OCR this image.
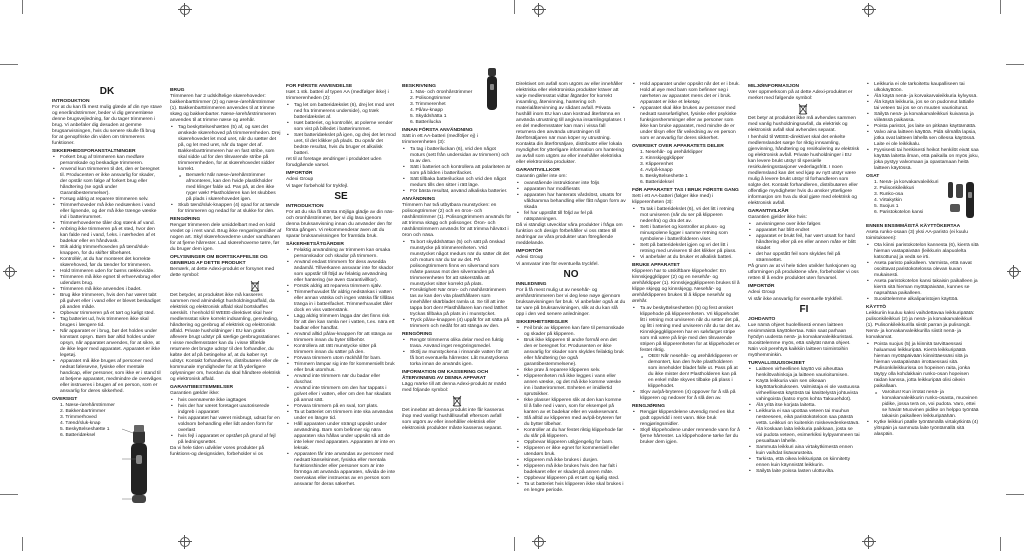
DK
INTRODUKTION
For at du kan få mest mulig glæde af din nye stave og eneråndstrimmer, beder vi dig gennemlæse denne brugsvejledning, før du tager trimmeren i brug. Vi anbefaler dig desuden at gemme brugsanvisningen, hvis du senere skulle få brug for at genopfriske din viden om trimmerens funktioner.
SIKKERHEDSFORANSTALTNINGER
• Forkert brug af trimmeren kan medføre personskade og beskadige trimmeren.
• Anvend kun trimmeren til det, den er beregnet til. Producenten er ikke ansvarlig for skader, der opstår som følge af forkert brug eller håndtering (se også under Garantibestemmelser).
• Forsøg aldrig at reparere trimmeren selv.
• Trimmerhoveder må ikke nedsænkes i vand eller lignende, og der må ikke trænge væske ind i batterirummet.
• Trimmerhovederne tåler dog stænk af vand.
• Anbring ikke trimmeren på et sted, hvor den kan falde ned i vand, f.eks. i nærheden af et badekar eller en håndvask.
• Stik aldrig trimmerhoveden på tænd/sluk-knappen, for du skifter tilbehøret.
• Kontrollér, at du har monteret det korrekte skærehoved, før du tænder for trimmeren.
• Hold trimmeren uden for børns rækkevidde.
• Trimmeren må ikke egnet til erhvervsbrug eller udendørs brug.
• Trimmeren må ikke anvendes i badet.
• Brug ikke trimmeren, hvis den har været tabt på gulvet eller i vand eller er blevet beskadiget på anden måde.
• Opbevar trimmeren på et tørt og køligt sted.
• Tag batteriet ud, hvis trimmeren ikke skal bruges i længere tid.
• Når apparatet er i brug, bør det holdes under konstant opsyn. Børn bør altid holdes under opsyn, når apparatet anvendes, for at sikre, at de ikke leger med apparatet. Apparatet er ikke legetøj.
• Apparatet må ikke bruges af personer med nedsat følesevne, fysiske eller mentale handicap, eller personer, som ikke er i stand til at betjene apparatet, medmindre de overvåges eller instrueres i brugen af en person, som er ansvarlig for deres sikkerhed.
OVERSIGT
1. Næse-/ørehårstrimmer
2. Bakkenbartrimmer
3. Trimmerhoved
4. Tænd/sluk-knap
5. Beskyttelseshætte 1
6. Batteridæksel
BRUG
Trimmeren har 2 udskiftelige skærehoveder: bakkenbarttrimmer (2) og næse-/ørehårstrimmer (1). Bakkenbarttrimmeren anvendes til at trimme skæg og bakkenbarter. Næse-/ørehårstrimmeren anvendes til at trimme næse og ørehår.
• Tag beskyttelseshætten (5) af, og sæt det ønskede skærehoved på trimmerenheden. Drej skærehovedet let mod uret, når du sætter det på, og let med uret, når du tager det af. Bakkenbarttrimmeren har en fast stribe, som skal sidde ud for den tilsvarende stribe på trimmerenheden, for at skærehovedet sidder korrekt.
o Bemærk! Når næse-/ørehårstrimmer afmonteres, kan den hvide plastikholder med klinger falde ud. Pas på, at den ikke ryger væk! Plastholderen kan let skubbes på plads i skærehovedet igen.
• Skub tænd/sluk-knappen (4) opad for at tænde for trimmeren og nedad for at slukke for den.
RENGØRING
Rengør trimmeren dele umiddelbart med en kold vredet op i rent vand. Brug ikke rengøringsmidler af nogen art. Skyl skærehovederne under vandhanen for at fjerne hårrester. Lad skærehoverne tørre, før du bruger dem igen.
OPLYSNINGER OM BORTSKAFFELSE OG GENBRUG AF DETTE PRODUKT
Bemærk, at dette Adexi-produkt er forsynet med dette symbol:
Det betyder, at produktet ikke må kasseres sammen med almindeligt husholdningsaffald, da elektrisk og elektronisk affald skal bortskaffes særskilt. I henhold til WEEE-direktivet skal hver medlemsstat sikre korrekt indsamling, genvinding, håndtering og genbrug af elektrisk og elektronisk affald. Private husholdninger i EU kan gratis aflevere brugt udstyr på særlige genbrugsstationer. I visse medlemsstater kan du i visse tilfælde returnere det brugte udstyr til den forhandler, du købte det af på betingelse af, at du køber nyt udstyr. Kontakt forhandleren, distributøren eller de kommunale myndigheder for at få yderligere oplysninger om, hvordan du skal håndtere elektrisk og elektronisk affald.
GARANTIBESTEMMELSER
Garantien gælder ikke:
• hvis ovennævnte ikke iagttages
• hvis der har været foretaget uautoriserede indgreb i apparatet
• hvis apparatet har været misbrugt, udsat for en voldsom behandling eller lidt anden form for overlast
• hvis fejl i apparatet er opstået på grund af fejl på ledningsnettet.
Da vi hele tiden udvikler vores produkter på funktions-og designsiden, forbeholder vi os
FOR FØRSTE ANVENDELSE
Isæt 1 stk. batteri af typen AA (medfølger ikke) i trimmerenheden (3):
• Tag let om batteridækslet (6), drej let mod uret ned fra trimmerens underside), og træk batteridækslet af.
• Isæt batteriet, og kontrollér, at polerne vender som vist på billedet i batterirummet.
• Sæt batteridækslet på igen, og drej det let mod uret, til det klikker på plads. Du opnår det bedste resultat, hvis du bruger et alkalisk batteri.
ret til at foretage ændringer i produktet uden forudgående varsel.
IMPORTØR
Adexi Group
Vi tager forbehold for trykfejl.
SE
INTRODUKTION
För att du ska få största möjliga glädje av din näs- och öronhårstrimmer, ber vi dig läsa igenom denna bruksanvisning innan du använder den för första gången. Vi rekommenderar även att du sparar bruksanvisningen för framtida bruk.
SÄKERHETSÅTGÄRDER
• Felaktig användning av trimmern kan orsaka personskador och skador på trimmern.
• Använd endast trimmern för dess avsedda ändamål. Tillverkaren ansvarar inte för skador som uppstår till följd av felaktig användning eller hantering (se även Garantivillkor).
• Försök aldrig att reparera trimmern själv.
• Trimmerhuvudet får aldrig nedsänkas i vatten eller annan vätska och ingen vätska får tillåtas tränga in i batterifacket. Trimmerhuvudet tåler dock en viss vattenstänk.
• Lägg aldrig trimmern lägga där det finns risk för att den kan ramla ner i vatten, t.ex. nära ett badkar eller handfat.
• Använd alltid på/av-knappen för att stänga av trimmern innan du byter tillbehör.
• Kontrollera att rätt munstycke sitter på trimmern innan du sätter på den.
• Förvara trimmern utom räckhåll för barn.
• Trimmern lämpar sig inte för kommersiellt bruk eller bruk utomhus.
• Använd inte trimmern när du badar eller duschar.
• Använd inte trimmern om den har tappats i golvet eller i vatten, eller om den har skadats på annat sätt.
• Förvara trimmern på en sval, torr plats.
• Ta ut batteriet om trimmern inte ska användas under en längre tid.
• Håll apparaten under strängt uppsikt under användning. Barn som befinner sig nära apparaten ska hållas under uppsikt så att de inte leker med apparaten. Apparaten är inte en leksak.
• Apparaten får inte användas av personer med nedsatt känselsinnet, fysiska eller mentala funktionshinder eller personer som är inte förmöga att använda apparaten, såvida de inte övervakas eller instrueras av en person som ansvarar för deras säkerhet.
BESKRIVNING
1. Näs- och öronhårstrimmer
2. Polisongtrimmer
3. Trimmerenhet
4. På/av-knapp
5. Skyddshätta 1
6. Batterilucka
INNAN FÖRSTA ANVÄNDNING
Sätt in ett AA-batteri (medföljer ej) i trimmerenheten (3):
• Ta tag i batteriluckan (6), vrid den något moturs (sett från undersidan av trimmern) och ta av den.
• Sätt i batteriet och kontrollera att polariteten är som på bilden i batterifacket.
• Sätt tillbaka batteriluckan och vrid den något medurs tills den sitter i rätt läge.
• För bästa resultat, använd alkaliska batterier.
ANVÄNDNING
Trimmern har två utbytbara munstycken: en polisongtrimmer (2) och en öron- och näshårstrimmer (1). Polisongtrimmern används för att trimma skägg och polisonger. Öron- och näshårstrimmern används för att trimma hårväxt i öron och näsa.
• Ta bort skyddshättan (5) och sätt på önskad munstycke på trimmerenheten. Vrid munstycket något medurs när du sätter dit det och moturs när du tar av det. På polisongtrimmern finns en silverrand som måste passas mot den silverranden på trimmerenheten för att säkerställa att munstycket sitter korrekt på plats.
• Försiktighet! När öron- och näshårstrimmern tas av kan den vita plasthållaren som innehåller skärbladet ramla ut. Se till att inte tappa bort den! Plasthållaren kan med lätthet tryckas tillbaka på plats in i munstycket.
• Tryck på/av-knappen (4) uppåt för att sätta på trimmern och nedåt för att stänga av den.
RENGÖRING
• Rengör trimmerns olika delar med en fuktig trasa. Använd inget rengöringsmedel.
• Skölj av munstyckena i rinnande vatten för att få bort eventuella hårrester. Låt munstyckena torka innan de används igen.
INFORMATION OM KASSERING OCH ÅTERVINNING AV DENNA APPARAT
Lägg märke till att denna Adexi-produkt är märkt med följande symbol:
Det innebär att denna produkt inte får kasseras ihop med vanligt hushållsavfall eftersom avfall som utgörs av eller innehåller elektrisk eller elektronisk produkter måste kasseras separat.
Direktivet om avfall som utgörs av eller innehåller elektriska eller elektroniska produkter kräver att varje medlemsstat vidtar åtgärder för korrekt insamling, återvinning, hantering och materialåtervinning av sådant avfall. Privata hushåll inom EU kan utan kostnad återlämna en använda utrustning till angivna insamlingsplatser. I en del medlemsstater kan man i vissa fall returnera den använda utrustningen till återförsäljaren när man köper ny utrustning. Kontakta din återförsäljare, distributör eller lokala myndighet för ytterligare information om hantering av avfall som utgörs av eller innehåller elektriska eller elektroniska produkter.
GARANTIVILLKOR
Garantin gäller inte om:
• ovanstående instruktioner inte följs
• apparaten har modifierats
• apparaten har hanterats vårdslöst, utsatts för våldsamma behandling eller fått någon form av skada
• fel har uppstått till följd av fel på nätspänningen.
Då vi ständigt utvecklar våra produkter i fråga om funktion och design förbehåller vi oss rätten till ändringar av våra produkter utan föregående meddelande.
IMPORTÖR
Adexi Group
Vi ansvarar inte för eventuella tryckfel.
NO
INNLEDNING
For å få mest mulig ut av nesehår- og ørehårstrimmeren ber vi deg lese nøye gjennom bruksanvisningen før bruk. Vi anbefaler også at du tar vare på bruksanvisningen, slik at du kan slå opp i den ved senere anledninger.
SIKKERHETSREGLER
• Feil bruk av klipperen kan føre til personskade og skader på klipperen.
• Bruk ikke klipperen til andre formål enn det den er beregnet for. Produsenten er ikke ansvarlig for skader som skyldes feilaktig bruk eller håndtering (se også garantibestemmelsene).
• Ikke prøv å reparere klipperen selv.
• Klipperenheten må ikke legges i vann eller annen væske, og det må ikke komme væske inn i batterirommet. Enheten er imidlertid sprutsikker.
• Ikke plasser klipperen slik at den kan komme til å falle ned i vann, som for eksempel på kanten av et badekar eller en vaskeservant.
• Slå alltid av klipperen med av/på-bryteren før du bytter tilbehør.
• Kontroller at du har festet riktig klippehode før du slår på klipperen.
• Oppbevar klipperen utilgjengelig for barn.
• Klipperen er ikke egnet for kommersiell eller utendørs bruk.
• Klipperen må ikke brukes i dusjen.
• Klipperen må ikke brukes hvis den har falt i badekaret eller er skadet på annen måte.
• Oppbevar klipperen på et tørt og kjølig sted.
• Ta ut batteriet hvis klipperen ikke skal brukes i en lengre periode.
• Hold apparatet under oppsikt når det er i bruk. Hold øl øye med barn som befinner seg i nærheten av apparatet mens det er i bruk. Apparatet er ikke et leketøy.
• Apparatet skal ikke brukes av personer med nedsatt sanseførlighet, fysiske eller psykiske funksjonshemminger eller av personer som ikke kan bruke apparatet, med mindre de er under tilsyn eller får veiledning av en person som er ansvarlig for deres sikkerhet.
OVERSIKT OVER APPARATETS DELER
1. Nesehår- og ørehårklipper
2. Kinnskjeggklipper
3. Klipperenhet
4. Av/på-knapp
5. Beskyttelseshette 1
6. Batterideksel
FØR APPARATET TAS I BRUK FØRSTE GANG
Sett i ett AA-batteri (følger ikke med) i klipperenheten (3):
• Ta tak i batteridekslet (6), vri det litt i retning mot urviseren (når du ser på klipperen nedenfra) og dra det av.
• Sett i batteriet og kontroller at pluss- og minuspolene ligger i samme retning som symbolene i batterifolderen viser.
• Sett på batteridekslet igjen og vri det litt i retning med urviseren til det klikker på plass.
• Vi anbefaler at du bruker et alkalisk batteri.
BRUKE APPARATET
Klipperen har to utskiftbare klippehoder: En kinnskjeggklipper (2) og en nesehår- og ørehårklipper (1). Kinnskjeggklipperen brukes til å klippe skjegg og kinnskjegg. Nesehår- og ørehårklipperen brukes til å klippe nesehår og ørehår.
• Ta av beskyttelseshetten (5) og fest ønsket klippehode på klipperenheten. Vri klippehodet litt i retning mot urviseren når du setter det på, og litt i retning med urviseren når du tar det av. Kinnskjeggklipperen har en sølvfarget stripe som må være på linje med den tilsvarende stripen på klipperenheten for at klippehodet er festet riktig.
o OBS! Når nesehår- og ørehårklipperen er demontert, kan den hvite plastholderen som inneholder bladet falle ut. Pass på at du ikke mister den! Plastholderen kan på en enkel måte skyves tilbake på plass i klippehodet.
• Skyv av/på-bryteren (4) oppover for å slå på klipperen og nedover for å slå den av.
RENGJØRING
• Rengjør klipperdelene utvendig med en klut godt oppvridd i rent vann. Ikke bruk rengjøringsmidler.
• Skyll klippehodene under rennende vann for å fjerne hårrester. La klippehodene tørke før du bruker dem igjen.
MILJØINFORMASJON
Vær oppmerksom på at dette Adexi-produktet er merket med følgende symbol:
Det betyr at produktet ikke må avhendes sammen med vanlig husholdningsavfall, da elektrisk og elektronisk avfall skal avhendes separat.
I henhold til WEEE-direktivet skal det enkelte medlemslandet sørge for riktig innsamling, gjenvinning, håndtering og resirkulering av elektrisk og elektronisk avfall. Private husholdninger i EU kan levere brukt utstyr til spesielle resirkuleringsstasjoner vederlagsfritt. I noen medlemsland kan det ved kjøp av nytt utstyr være mulig å levere brukt utstyr til forhandleren som solgte det. Kontakt forhandleren, distributøren eller offentlige myndigheter hvis du ønsker ytterligere informasjon om hva du skal gjøre med elektrisk og elektronisk avfall.
GARANTIVILKÅR
Garantien gjelder ikke hvis:
• anvisningene over ikke følges
• apparatet har blitt endret
• apparatet er brukt feil, har vært utsatt for hard håndtering eller på en eller annen måte er blitt skadet
• det har oppstått feil som skyldes feil på strømnettet.
På grunn av at vi hele tiden utvikler funksjonen og utformingen på produktene våre, forbeholder vi oss retten til å endre produktet uten forvarsel.
IMPORTØR
Adexi Group
Vi står ikke ansvarlig for eventuelle trykkfeil.
FI
JOHDANTO
Lue nämä ohjeet huolellisesti ennen laitteen ensimmäistä käyttökertaa. Näin saat parhaan hyödyn uudesta nenä- ja korvakarvaleikkuristasi. Suosittelemme myös, että säilytät nämä ohjeet. Näin voit perehtyä kaikkiin laitteen toimintoihin myöhemminkin.
TURVALLISUUSOHJEET
• Laitteen virheellinen käyttö voi aiheuttaa henkilövahinkoja ja laitteen vaurioitumisen.
• Käytä leikkuria vain sen oikeaan käyttötarkoitukseen. Valmistaja ei ole vastuussa virheellisestä käytöstä tai käsittelystä johtuvista vahingoista (katso myös kohta Takuuehdot).
• Älä yritä itse korjata laitetta.
• Leikkuria ei saa upottaa veteen tai muuhun nesteeseen, eikä paristokoteloon saa päästä vettä. Leikkuri on kuitenkin roiskevedenkestävä.
• Älä koskaan laita leikkuria paikkaan, josta se voi pudota veteen, esimerkiksi kylpyammeen tai pesualtaan lähelle.
• Sammuta leikkuri aina virtakytkimestä ennen kuin vaihdat lisävarusteita.
• Tarkista, että oikea leikkuripää on kiinnitetty ennen kuin käynnistät leikkurin.
• Säilytä laite poissa lasten ulottuvilta.
• Leikkuria ei ole tarkoitettu kaupalliseen tai ulkokäyttöön.
• Älä käytä nenä- ja korvakarvaleikkuria kylvyssä.
• Älä käytä leikkuria, jos se on pudonnut lattialle tai veteen tai jos se on muuten vaurioitunut.
• Säilytä nenä- ja korvakarvaleikkuri kuivassa ja viileässä paikassa.
• Poista paristot, jos laite on pitkään käyttämättä.
• Valvo aina laitteen käyttöä. Pidä silmällä lapsia, jotka ovat laitteen lähellä sen ollessa käytössä. Laite ei ole leikkikalu.
• Fyysisesti tai henkisesti heikot henkilöt eivät saa käyttää laitetta ilman, että paikalla on myös joku, joka pystyy valvomaan ja opastamaan heitä laitteen käytössä.
OSAT
1. Nenä- ja korvakarvaleikkuri
2. Pulisonkileikkuri
3. Runko-osa
4. Virtakytkin
5. Suojus 1
6. Paristokotelon kansi
ENNEN ENSIMMÄISTÄ KÄYTTÖKERTAA
Aseta runko-osaan (3) yksi AA-paristo (ei kuulu toimitukseen):
• Ota kiinni paristokotelon kannesta (6), kierrä sitä hieman vastapäivään (leikkurin alapuolelta katsottuna) ja vedä se irti.
• Aseta paristo paikalleen. Varmista, että navat osoittavat paristokotelossa olevan kuvan mukaisesti.
• Aseta paristokotelon kansi takaisin paikalleen ja kierrä sitä hieman myötäpäivään, kunnes se napsahtaa paikalleen.
• Suosittelemme alkaliparistojen käyttöä.
KÄYTTÖ
Leikkuriin kuuluu kaksi vaihdettavaa leikkuripäätä: pulisonkileikkuri (2) ja nenä- ja korvakarvaleikkuri (1). Pulisonkileikkurilla siistit parran ja pulisongit. Nenä- ja korvakarvaleikkurilla siistit nenä- ja korvakarvat.
• Poista suojus (5) ja kiinnitä tarvittaessasi haluamasi leikkuripää. Kierrä leikkuripäätä hieman myötäpäivään kiinnittäessäsi sitä ja hieman vastapäivään irrottaessasi sitä. Pulisonkileikkurissa on hopeinen raita, jonka täytyy olla kohdakkain runko-osan hopeisen raidan kanssa, jotta leikkuripää olisi oikein paikallaan.
o Varoitus! Kun irrotat nenä- ja korvakarvaleikkurin runko-osasta, muovinen pidike, jossa terä on, voi pudota. Varo, ettei se häviä! Muovinen pidike on helppo työntää takaisin paikalleen leikkuripäähän.
• Kytke leikkuri päälle työntämällä virtakytkintä (4) ylöspäin ja sammuta laite työntämällä sitä alaspäin.
